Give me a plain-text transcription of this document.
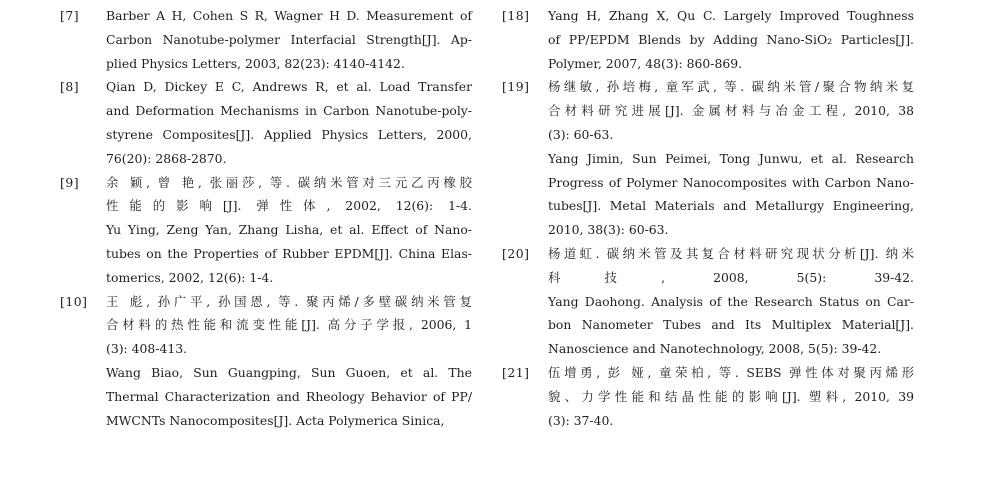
[7] Barber A H, Cohen S R, Wagner H D. Measurement of
Carbon Nanotube-polymer Interfacial Strength[J]. Ap-
plied Physics Letters, 2003, 82(23): 4140-4142.
[8] Qian D, Dickey E C, Andrews R, et al. Load Transfer
and Deformation Mechanisms in Carbon Nanotube-poly-
styrene Composites[J]. Applied Physics Letters, 2000,
76(20): 2868-2870.
[9] 余 颖, 曾 艳, 张丽莎, 等. 碳纳米管对三元乙丙橡胶
性能的影响[J]. 弹性体, 2002, 12(6): 1-4.
Yu Ying, Zeng Yan, Zhang Lisha, et al. Effect of Nano-
tubes on the Properties of Rubber EPDM[J]. China Elas-
tomerics, 2002, 12(6): 1-4.
[10] 王 彪, 孙广平, 孙国恩, 等. 聚丙烯/多壁碳纳米管复
合材料的热性能和流变性能[J]. 高分子学报, 2006, 1
(3): 408-413.
Wang Biao, Sun Guangping, Sun Guoen, et al. The
Thermal Characterization and Rheology Behavior of PP/
MWCNTs Nanocomposites[J]. Acta Polymerica Sinica,
[18] Yang H, Zhang X, Qu C. Largely Improved Toughness
of PP/EPDM Blends by Adding Nano-SiO₂ Particles[J].
Polymer, 2007, 48(3): 860-869.
[19] 杨继敏, 孙培梅, 童军武, 等. 碳纳米管/聚合物纳米复
合材料研究进展[J]. 金属材料与冶金工程, 2010, 38
(3): 60-63.
Yang Jimin, Sun Peimei, Tong Junwu, et al. Research
Progress of Polymer Nanocomposites with Carbon Nano-
tubes[J]. Metal Materials and Metallurgy Engineering,
2010, 38(3): 60-63.
[20] 杨道虹. 碳纳米管及其复合材料研究现状分析[J]. 纳米
科技, 2008, 5(5): 39-42.
Yang Daohong. Analysis of the Research Status on Car-
bon Nanometer Tubes and Its Multiplex Material[J].
Nanoscience and Nanotechnology, 2008, 5(5): 39-42.
[21] 伍增勇, 彭 娅, 童荣柏, 等. SEBS 弹性体对聚丙烯形
貌、力学性能和结晶性能的影响[J]. 塑料, 2010, 39
(3): 37-40.
